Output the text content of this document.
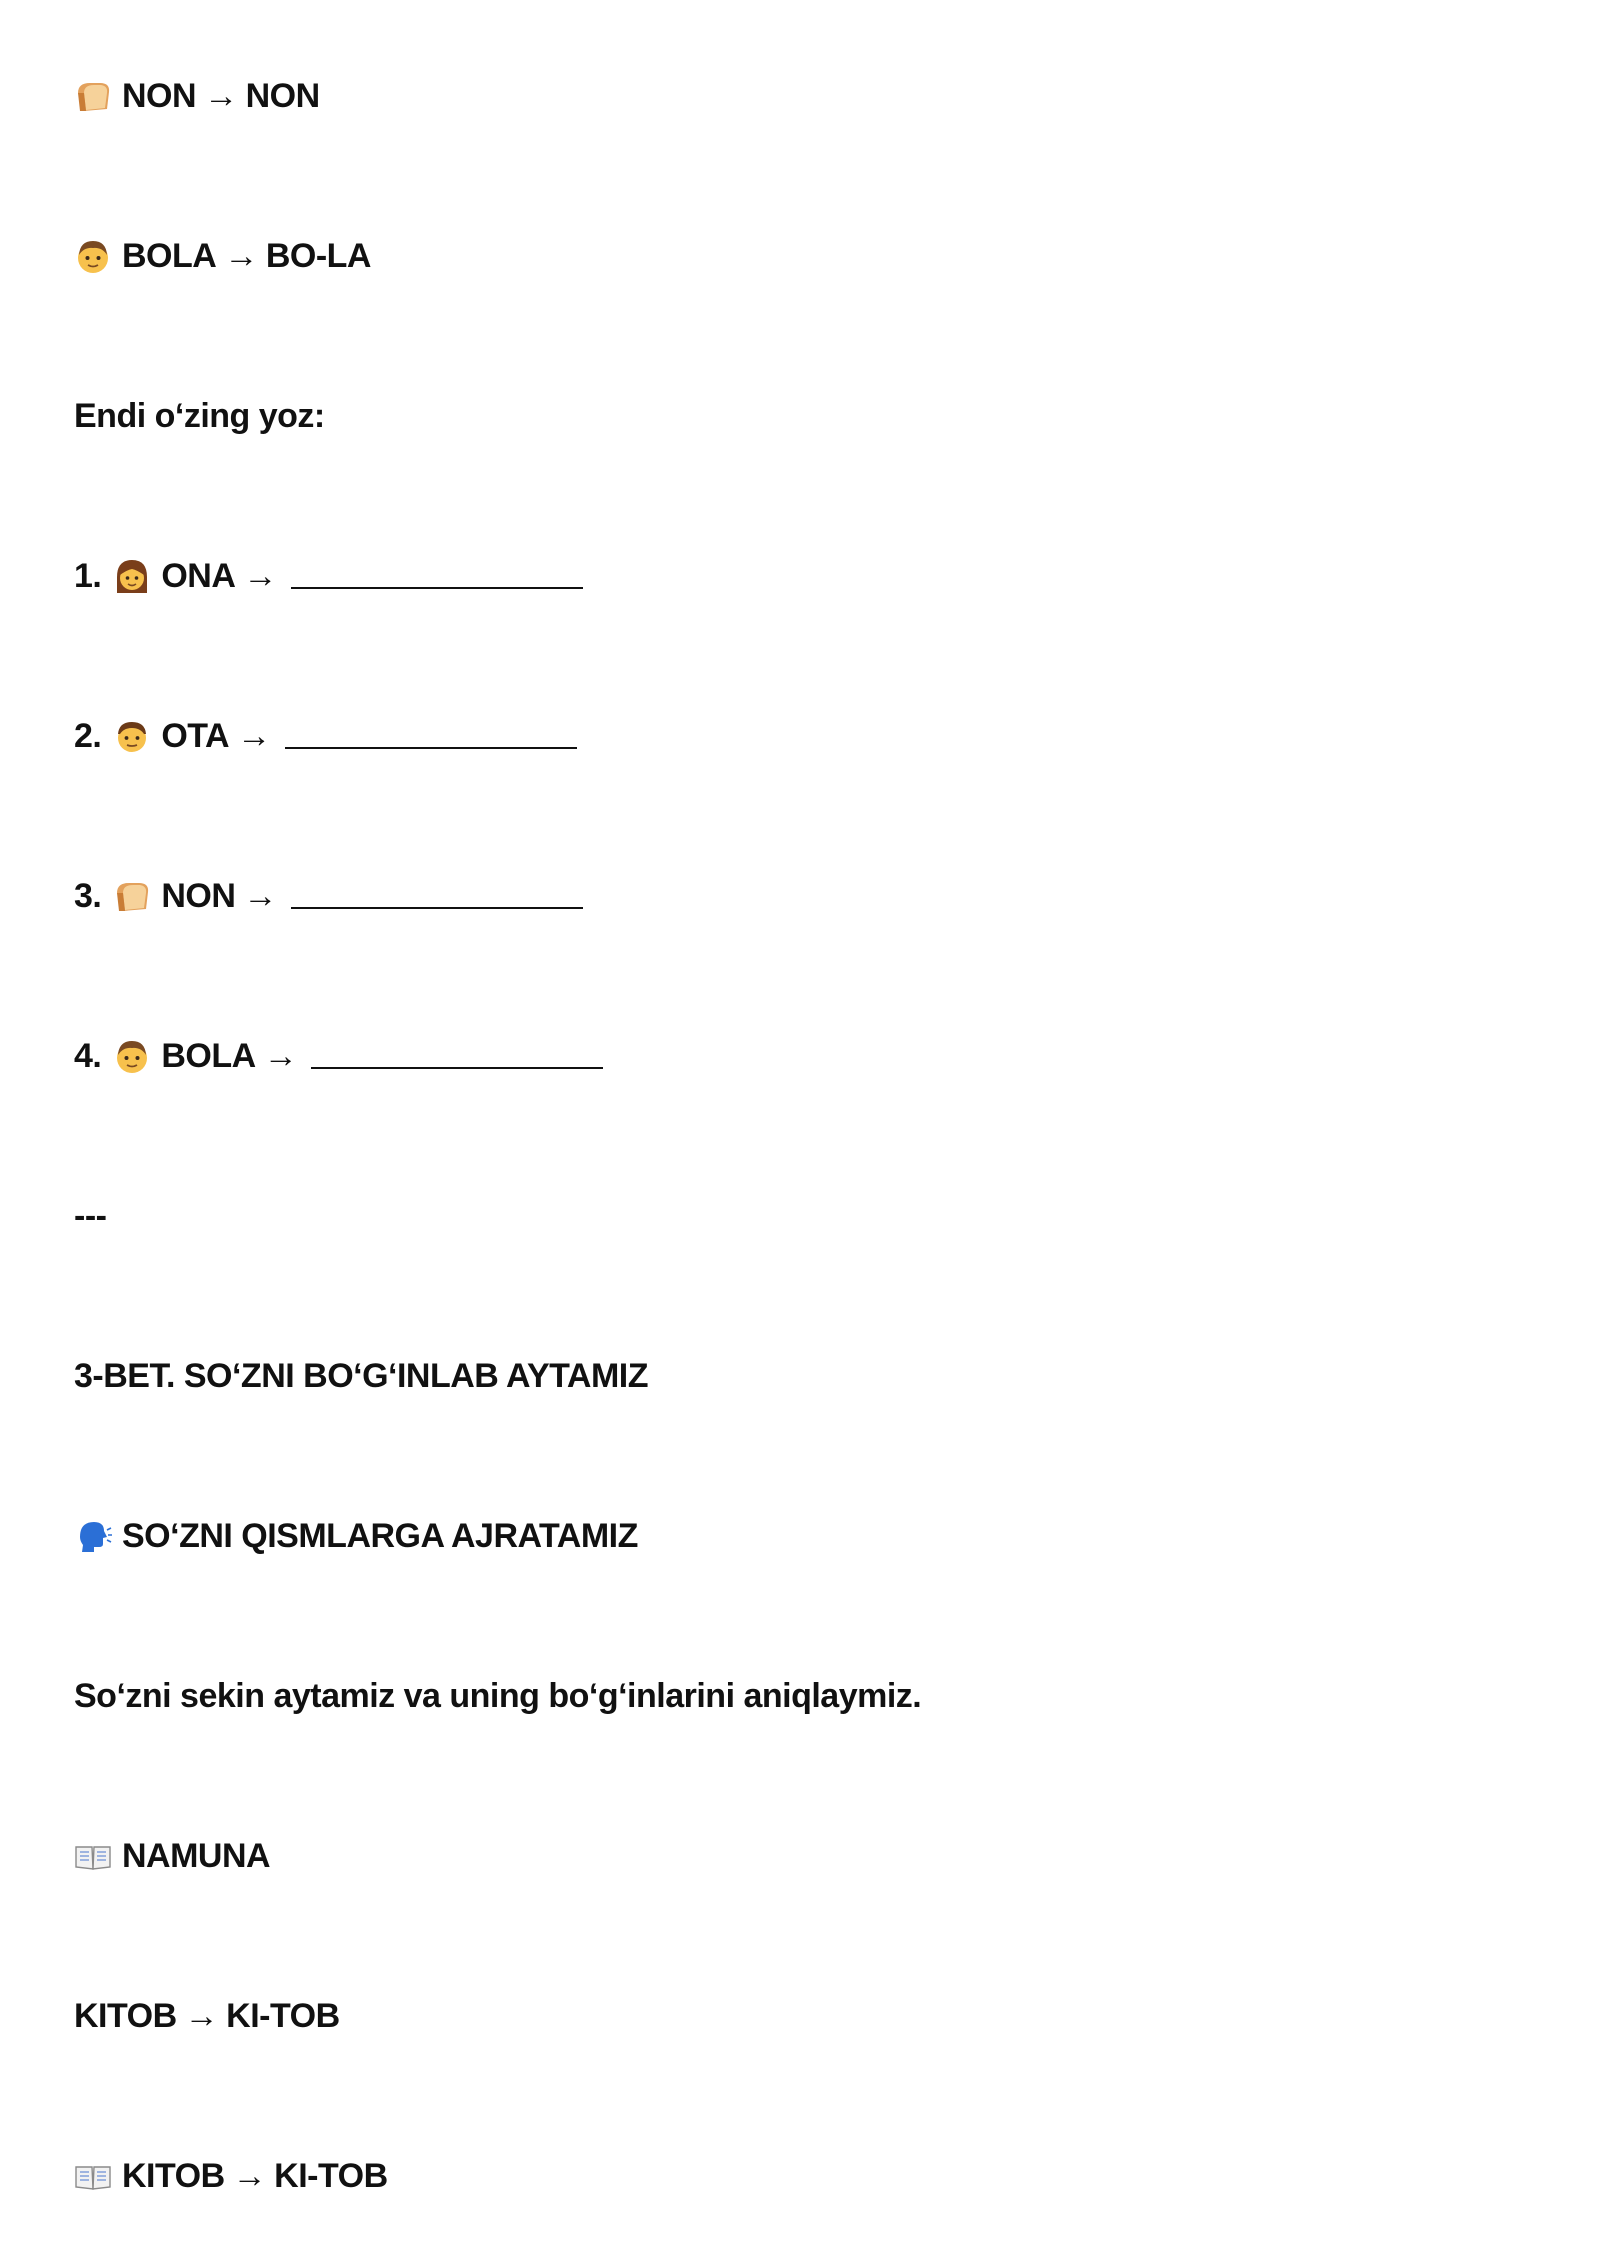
NON → NON
BOLA → BO-LA
Endi o‘zing yoz:
1. ONA →
2. OTA →
3. NON →
4. BOLA →
---
3-BET. SO‘ZNI BO‘G‘INLAB AYTAMIZ
SO‘ZNI QISMLARGA AJRATAMIZ
So‘zni sekin aytamiz va uning bo‘g‘inlarini aniqlaymiz.
NAMUNA
KITOB → KI-TOB
KITOB → KI-TOB
